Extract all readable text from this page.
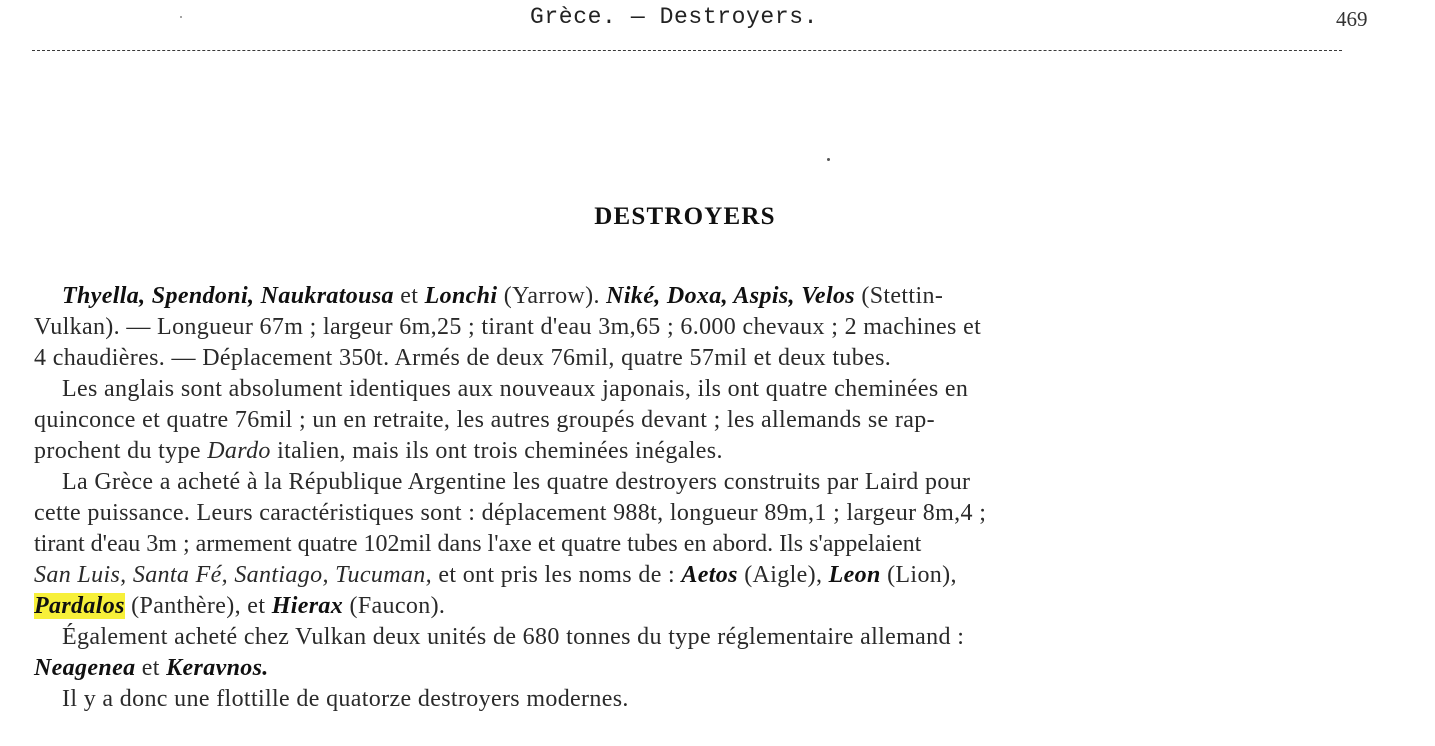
Grèce. — Destroyers.	469
DESTROYERS
Thyella, Spendoni, Naukratousa et Lonchi (Yarrow). Niké, Doxa, Aspis, Velos (Stettin-
Vulkan). — Longueur 67m ; largeur 6m,25 ; tirant d'eau 3m,65 ; 6.000 chevaux ; 2 machines et
4 chaudières. — Déplacement 350t. Armés de deux 76mil, quatre 57mil et deux tubes.
Les anglais sont absolument identiques aux nouveaux japonais, ils ont quatre cheminées en
quinconce et quatre 76mil ; un en retraite, les autres groupés devant ; les allemands se rap-
prochent du type Dardo italien, mais ils ont trois cheminées inégales.
La Grèce a acheté à la République Argentine les quatre destroyers construits par Laird pour
cette puissance. Leurs caractéristiques sont : déplacement 988t, longueur 89m,1 ; largeur 8m,4 ;
tirant d'eau 3m ; armement quatre 102mil dans l'axe et quatre tubes en abord. Ils s'appelaient
San Luis, Santa Fé, Santiago, Tucuman, et ont pris les noms de : Aetos (Aigle), Leon (Lion),
Pardalos (Panthère), et Hierax (Faucon).
Également acheté chez Vulkan deux unités de 680 tonnes du type réglementaire allemand :
Neagenea et Keravnos.
Il y a donc une flottille de quatorze destroyers modernes.
